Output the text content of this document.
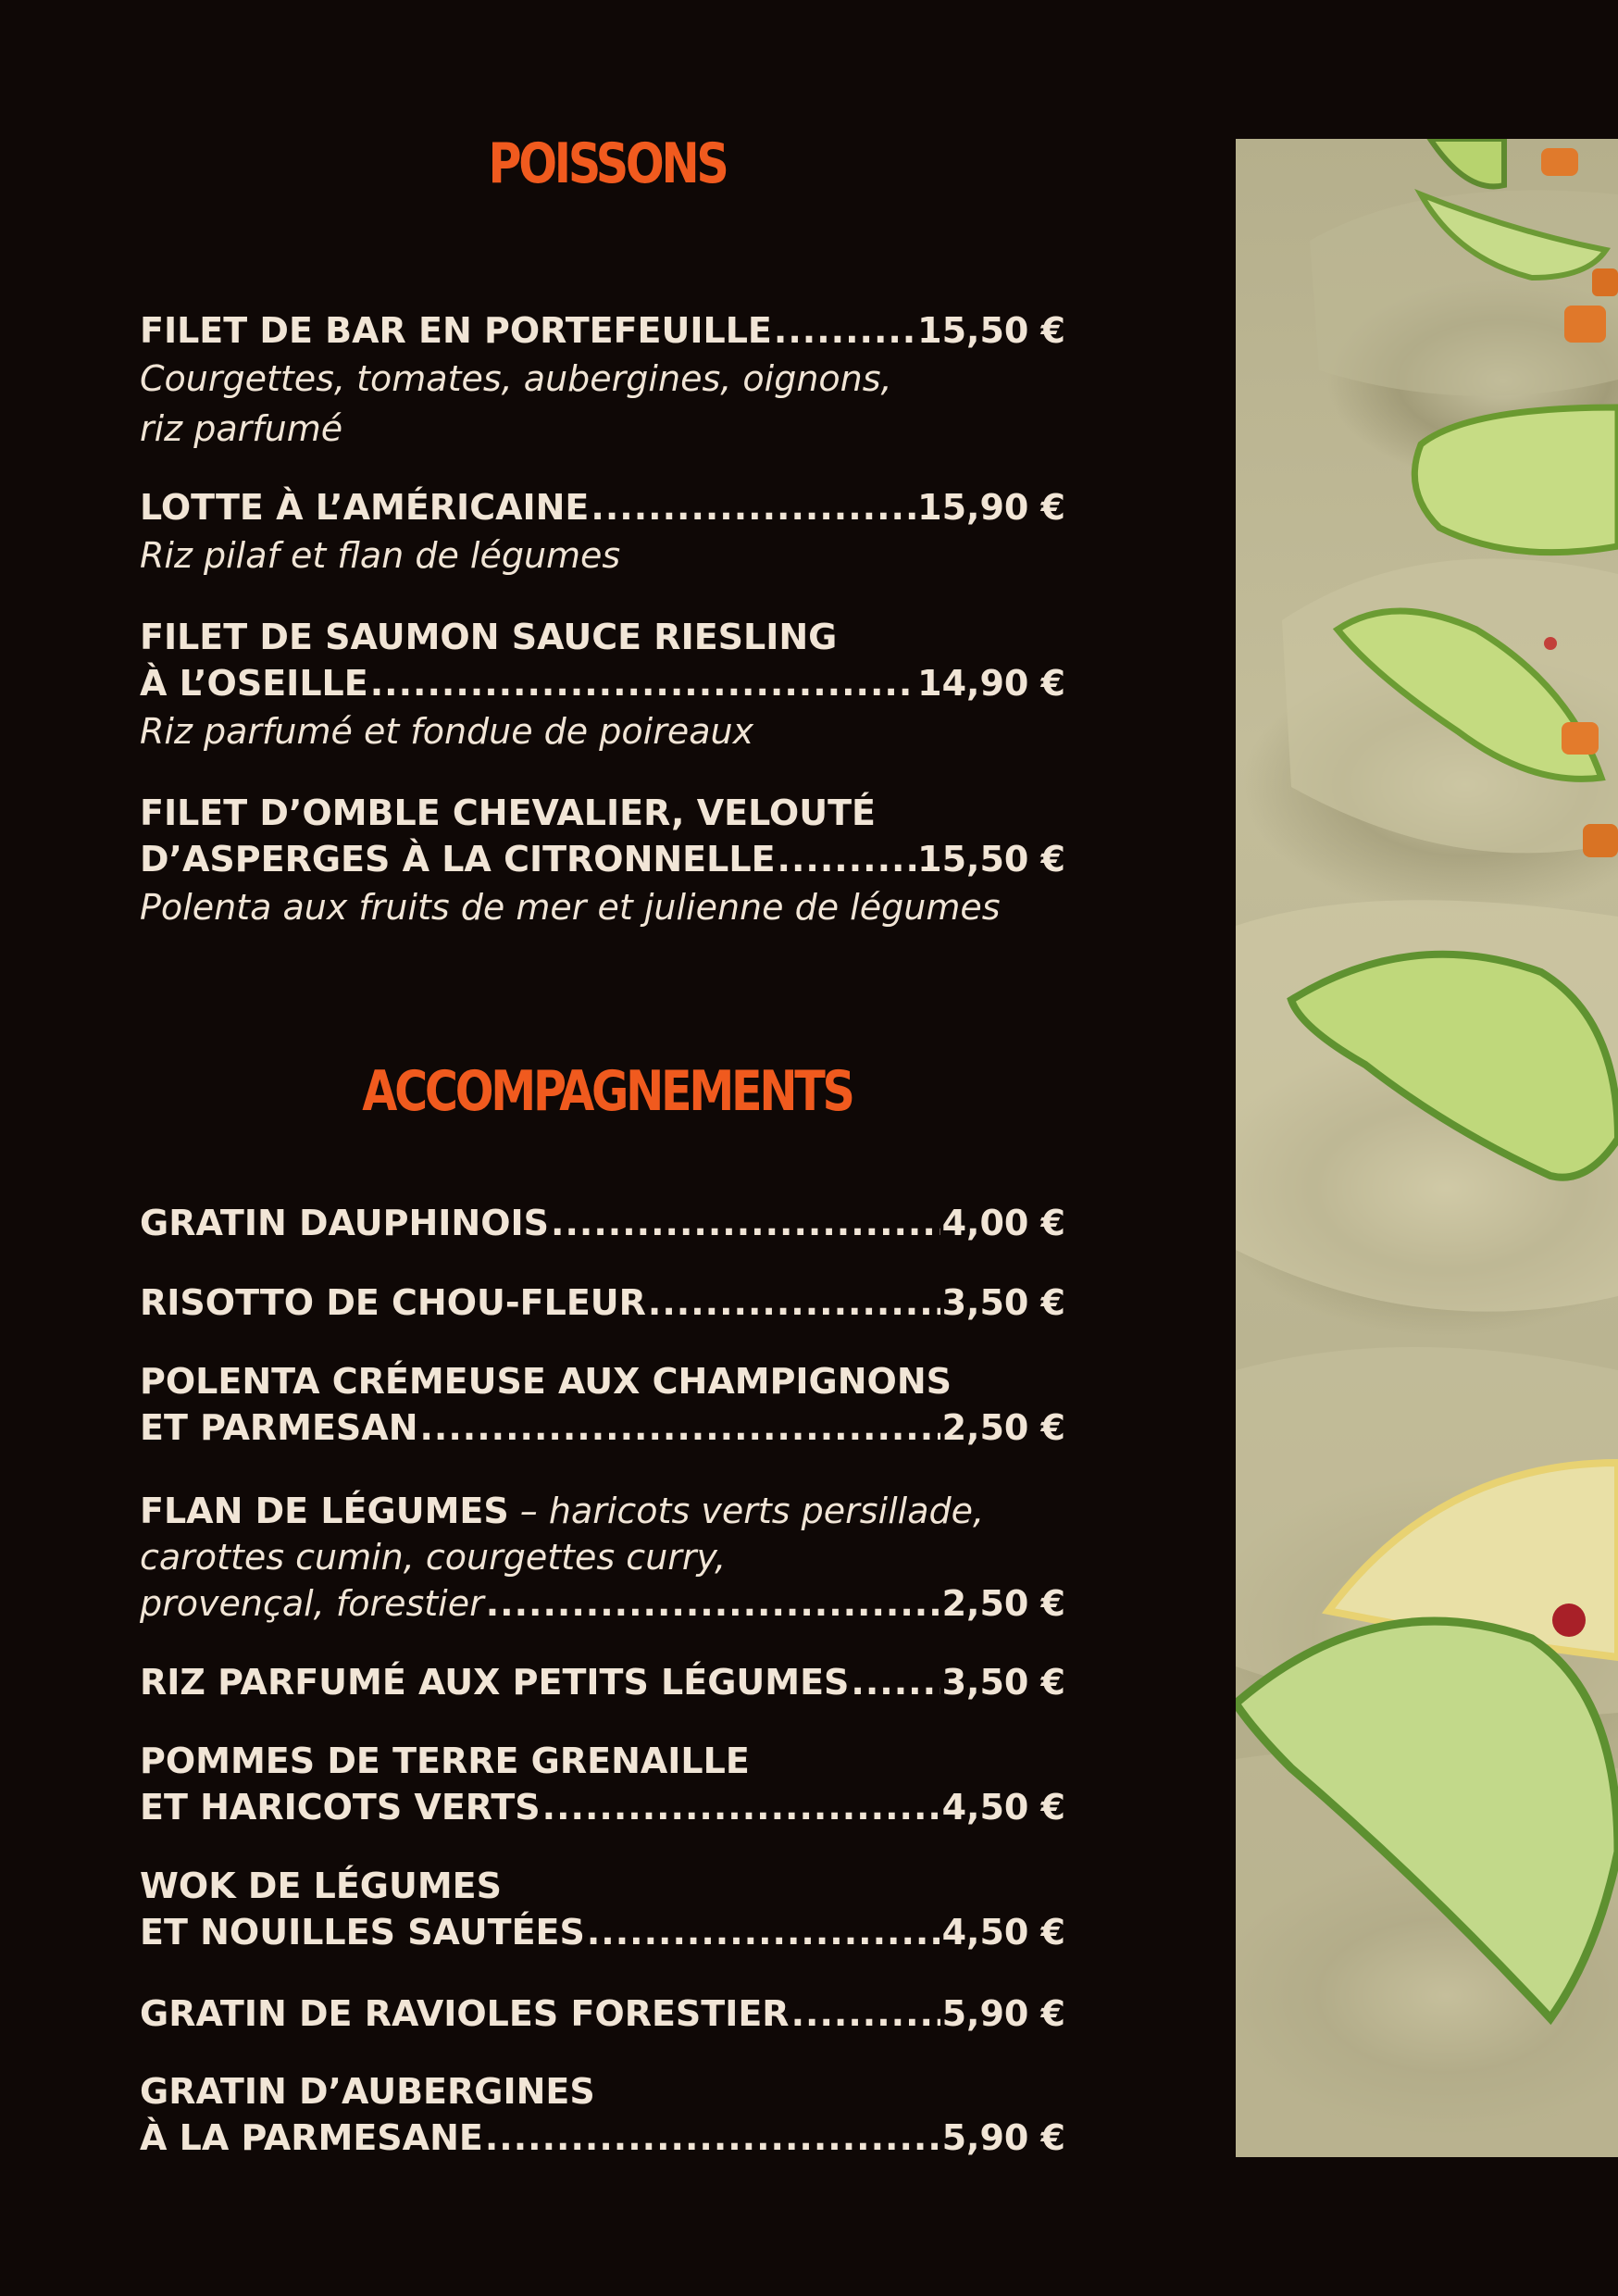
POISSONS
FILET DE BAR EN PORTEFEUILLE .....	15,50 €
Courgettes, tomates, aubergines, oignons,
riz parfumé
LOTTE À L’AMÉRICAINE .....	15,90 €
Riz pilaf et flan de légumes
FILET DE SAUMON SAUCE RIESLING
À L’OSEILLE .....	14,90 €
Riz parfumé et fondue de poireaux
FILET D’OMBLE CHEVALIER, VELOUTÉ
D’ASPERGES À LA CITRONNELLE .....	15,50 €
Polenta aux fruits de mer et julienne de légumes
ACCOMPAGNEMENTS
GRATIN DAUPHINOIS .....	4,00 €
RISOTTO DE CHOU-FLEUR .....	3,50 €
POLENTA CRÉMEUSE AUX CHAMPIGNONS
ET PARMESAN .....	2,50 €
FLAN DE LÉGUMES – haricots verts persillade,
carottes cumin, courgettes curry,
provençal, forestier .....	2,50 €
RIZ PARFUMÉ AUX PETITS LÉGUMES .....	3,50 €
POMMES DE TERRE GRENAILLE
ET HARICOTS VERTS .....	4,50 €
WOK DE LÉGUMES
ET NOUILLES SAUTÉES .....	4,50 €
GRATIN DE RAVIOLES FORESTIER .....	5,90 €
GRATIN D’AUBERGINES
À LA PARMESANE .....	5,90 €
